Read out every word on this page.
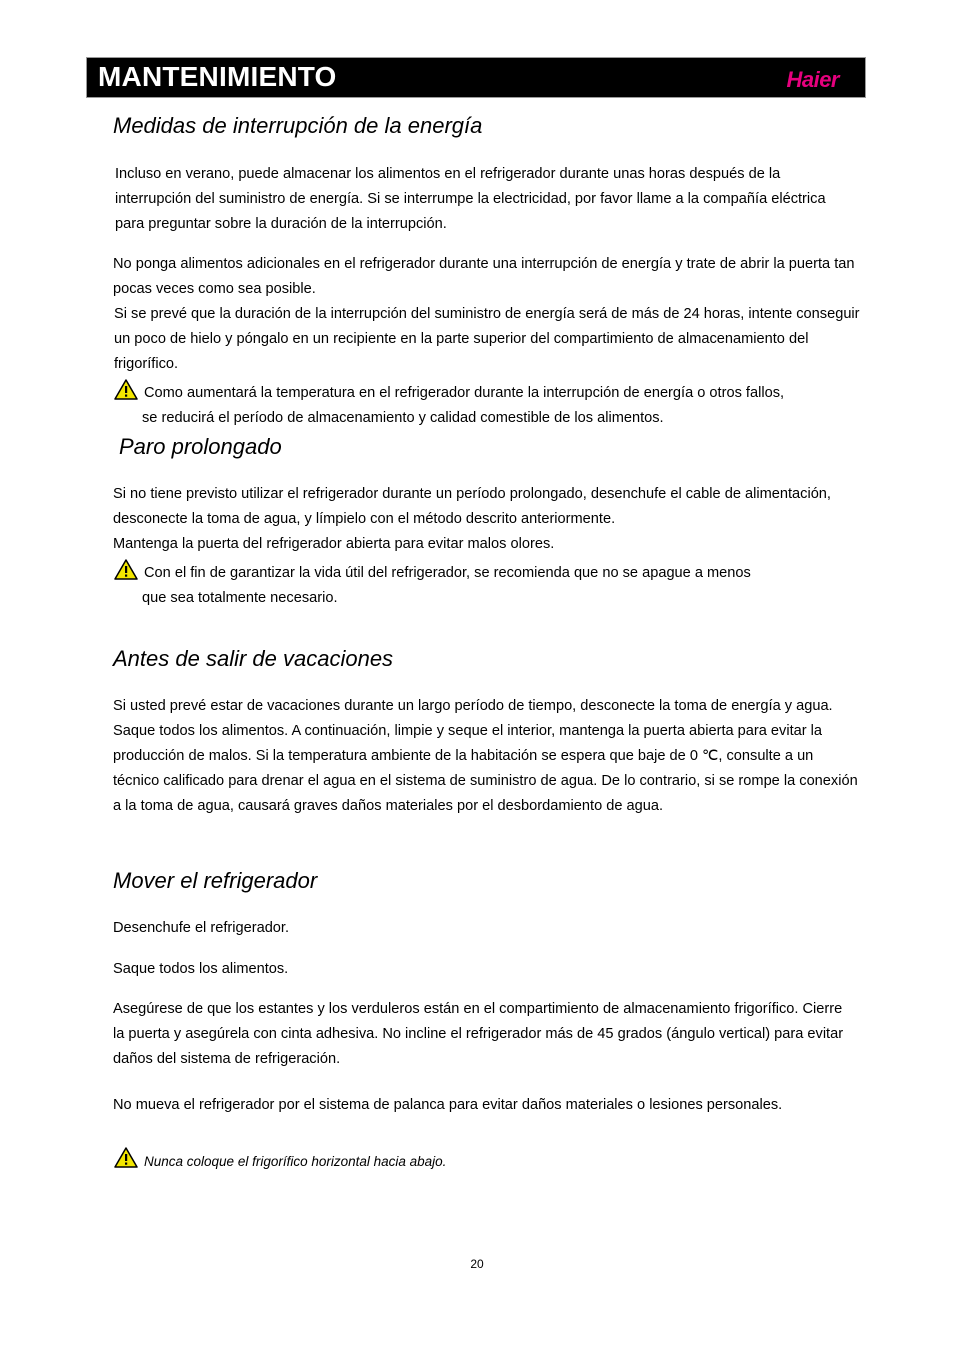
MANTENIMIENTO	Haier
Medidas de interrupción de la energía

Incluso en verano, puede almacenar los alimentos en el refrigerador durante unas horas después de la interrupción del suministro de energía. Si se interrumpe la electricidad, por favor llame a la compañía eléctrica para preguntar sobre la duración de la interrupción.

No ponga alimentos adicionales en el refrigerador durante una interrupción de energía y trate de abrir la puerta tan pocas veces como sea posible.

Si se prevé que la duración de la interrupción del suministro de energía será de más de 24 horas, intente conseguir un poco de hielo y póngalo en un recipiente en la parte superior del compartimiento de almacenamiento del frigorífico.

Como aumentará la temperatura en el refrigerador durante la interrupción de energía o otros fallos,
se reducirá el período de almacenamiento y calidad comestible de los alimentos.
Paro prolongado

Si no tiene previsto utilizar el refrigerador durante un período prolongado, desenchufe el cable de alimentación, desconecte la toma de agua, y límpielo con el método descrito anteriormente.

Mantenga la puerta del refrigerador abierta para evitar malos olores.

Con el fin de garantizar la vida útil del refrigerador, se recomienda que no se apague a menos
que sea totalmente necesario.
Antes de salir de vacaciones

Si usted prevé estar de vacaciones durante un largo período de tiempo, desconecte la toma de energía y agua. Saque todos los alimentos. A continuación, limpie y seque el interior, mantenga la puerta abierta para evitar la producción de malos. Si la temperatura ambiente de la habitación se espera que baje de 0 ℃, consulte a un técnico calificado para drenar el agua en el sistema de suministro de agua. De lo contrario, si se rompe la conexión a la toma de agua, causará graves daños materiales por el desbordamiento de agua.

Mover el refrigerador

Desenchufe el refrigerador.

Saque todos los alimentos.

Asegúrese de que los estantes y los verduleros están en el compartimiento de almacenamiento frigorífico. Cierre la puerta y asegúrela con cinta adhesiva. No incline el refrigerador más de 45 grados (ángulo vertical) para evitar daños del sistema de refrigeración.

No mueva el refrigerador por el sistema de palanca para evitar daños materiales o lesiones personales.

Nunca coloque el frigorífico horizontal hacia abajo.
20
